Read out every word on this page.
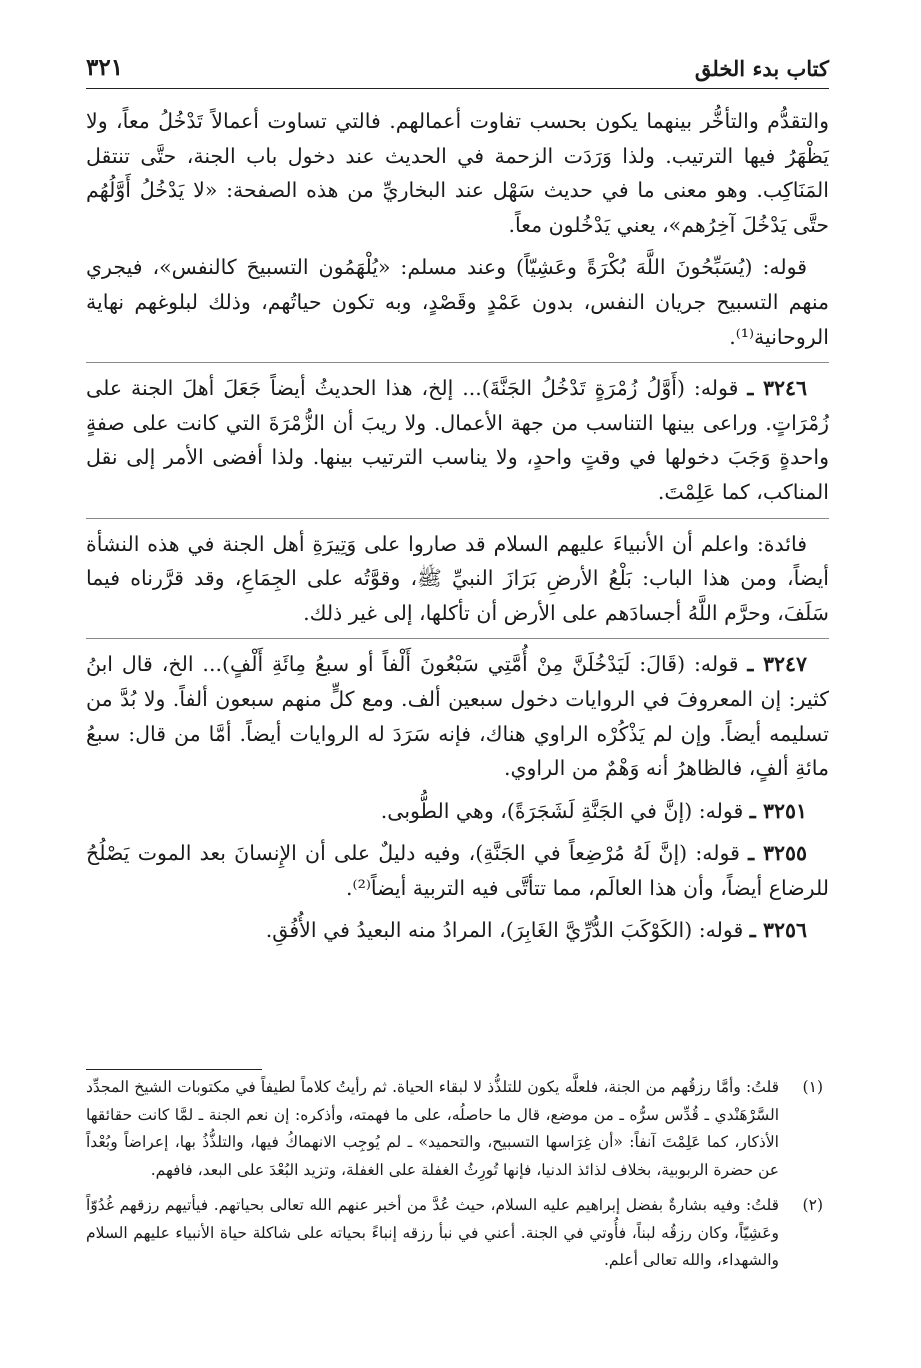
كتاب بدء الخلق
٣٢١

والتقدُّم والتأخُّر بينهما يكون بحسب تفاوت أعمالهم. فالتي تساوت أعمالاً تَدْخُلُ معاً، ولا يَظْهَرُ فيها الترتيب. ولذا وَرَدَت الزحمة في الحديث عند دخول باب الجنة، حتَّى تنتقل المَنَاكِب. وهو معنى ما في حديث سَهْل عند البخاريِّ من هذه الصفحة: «لا يَدْخُلُ أَوَّلُهُم حتَّى يَدْخُلَ آخِرُهم»، يعني يَدْخُلون معاً.

قوله: (يُسَبِّحُونَ اللَّهَ بُكْرَةً وعَشِيّاً) وعند مسلم: «يُلْهَمُون التسبيحَ كالنفس»، فيجري منهم التسبيح جريان النفس، بدون عَمْدٍ وقَصْدٍ، وبه تكون حياتُهم، وذلك لبلوغهم نهاية الروحانية⁽¹⁾.

٣٢٤٦ ـ قوله: (أَوَّلُ زُمْرَةٍ تَدْخُلُ الجَنَّةَ)... إلخ، هذا الحديثُ أيضاً جَعَلَ أهلَ الجنة على زُمْرَاتٍ. وراعى بينها التناسب من جهة الأعمال. ولا ريبَ أن الزُّمْرَةَ التي كانت على صفةٍ واحدةٍ وَجَبَ دخولها في وقتٍ واحدٍ، ولا يناسب الترتيب بينها. ولذا أفضى الأمر إلى نقل المناكب، كما عَلِمْتَ.

فائدة: واعلم أن الأنبياءَ عليهم السلام قد صاروا على وَتِيرَةِ أهل الجنة في هذه النشأة أيضاً، ومن هذا الباب: بَلْعُ الأرضِ بَرَازَ النبيِّ ﷺ، وقوَّتُه على الجِمَاعِ، وقد قرَّرناه فيما سَلَفَ، وحرَّم اللَّهُ أجسادَهم على الأرض أن تأكلها، إلى غير ذلك.

٣٢٤٧ ـ قوله: (قَالَ: لَيَدْخُلَنَّ مِنْ أُمَّتِي سَبْعُونَ أَلْفاً أو سبعُ مِائَةِ أَلْفٍ)... الخ، قال ابنُ كثير: إن المعروفَ في الروايات دخول سبعين ألف. ومع كلٍّ منهم سبعون ألفاً. ولا بُدَّ من تسليمه أيضاً. وإن لم يَذْكُرْه الراوي هناك، فإنه سَرَدَ له الروايات أيضاً. أمَّا من قال: سبعُ مائةِ ألفٍ، فالظاهرُ أنه وَهْمٌ من الراوي.

٣٢٥١ ـ قوله: (إنَّ في الجَنَّةِ لَشَجَرَةً)، وهي الطُّوبى.

٣٢٥٥ ـ قوله: (إنَّ لَهُ مُرْضِعاً في الجَنَّةِ)، وفيه دليلٌ على أن الإِنسانَ بعد الموت يَصْلُحُ للرضاع أيضاً، وأن هذا العالَم، مما تتأتَّى فيه التربية أيضاً⁽²⁾.

٣٢٥٦ ـ قوله: (الكَوْكَبَ الدُّرِّيَّ الغَابِرَ)، المرادُ منه البعيدُ في الأُفُقِ.

(١)
قلتُ: وأمَّا رزقُهم من الجنة، فلعلَّه يكون للتلذُّذ لا لبقاء الحياة. ثم رأيتُ كلاماً لطيفاً في مكتوبات الشيخ المجدِّد السَّرْهَنْدي ـ قُدِّس سرُّه ـ من موضع، قال ما حاصلُه، على ما فهمته، وأذكره: إن نعم الجنة ـ لمَّا كانت حقائقها الأذكار، كما عَلِمْتَ آنفاً: «أن غِرَاسها التسبيح، والتحميد» ـ لم يُوجِب الانهماكُ فيها، والتلذُّذُ بها، إعراضاً وبُعْداً عن حضرة الربوبية، بخلاف لذائذ الدنيا، فإنها تُورِثُ الغفلة على الغفلة، وتزيد البُعْدَ على البعد، فافهم.
(٢)
قلتُ: وفيه بشارةٌ بفضل إبراهيم عليه السلام، حيث عُدَّ من أخبر عنهم الله تعالى بحياتهم. فيأتيهم رزقهم غُدُوّاً وعَشِيّاً، وكان رزقُه لبناً، فأُوتي في الجنة. أعني في نبأ رزقه إنباءً بحياته على شاكلة حياة الأنبياء عليهم السلام والشهداء، والله تعالى أعلم.
